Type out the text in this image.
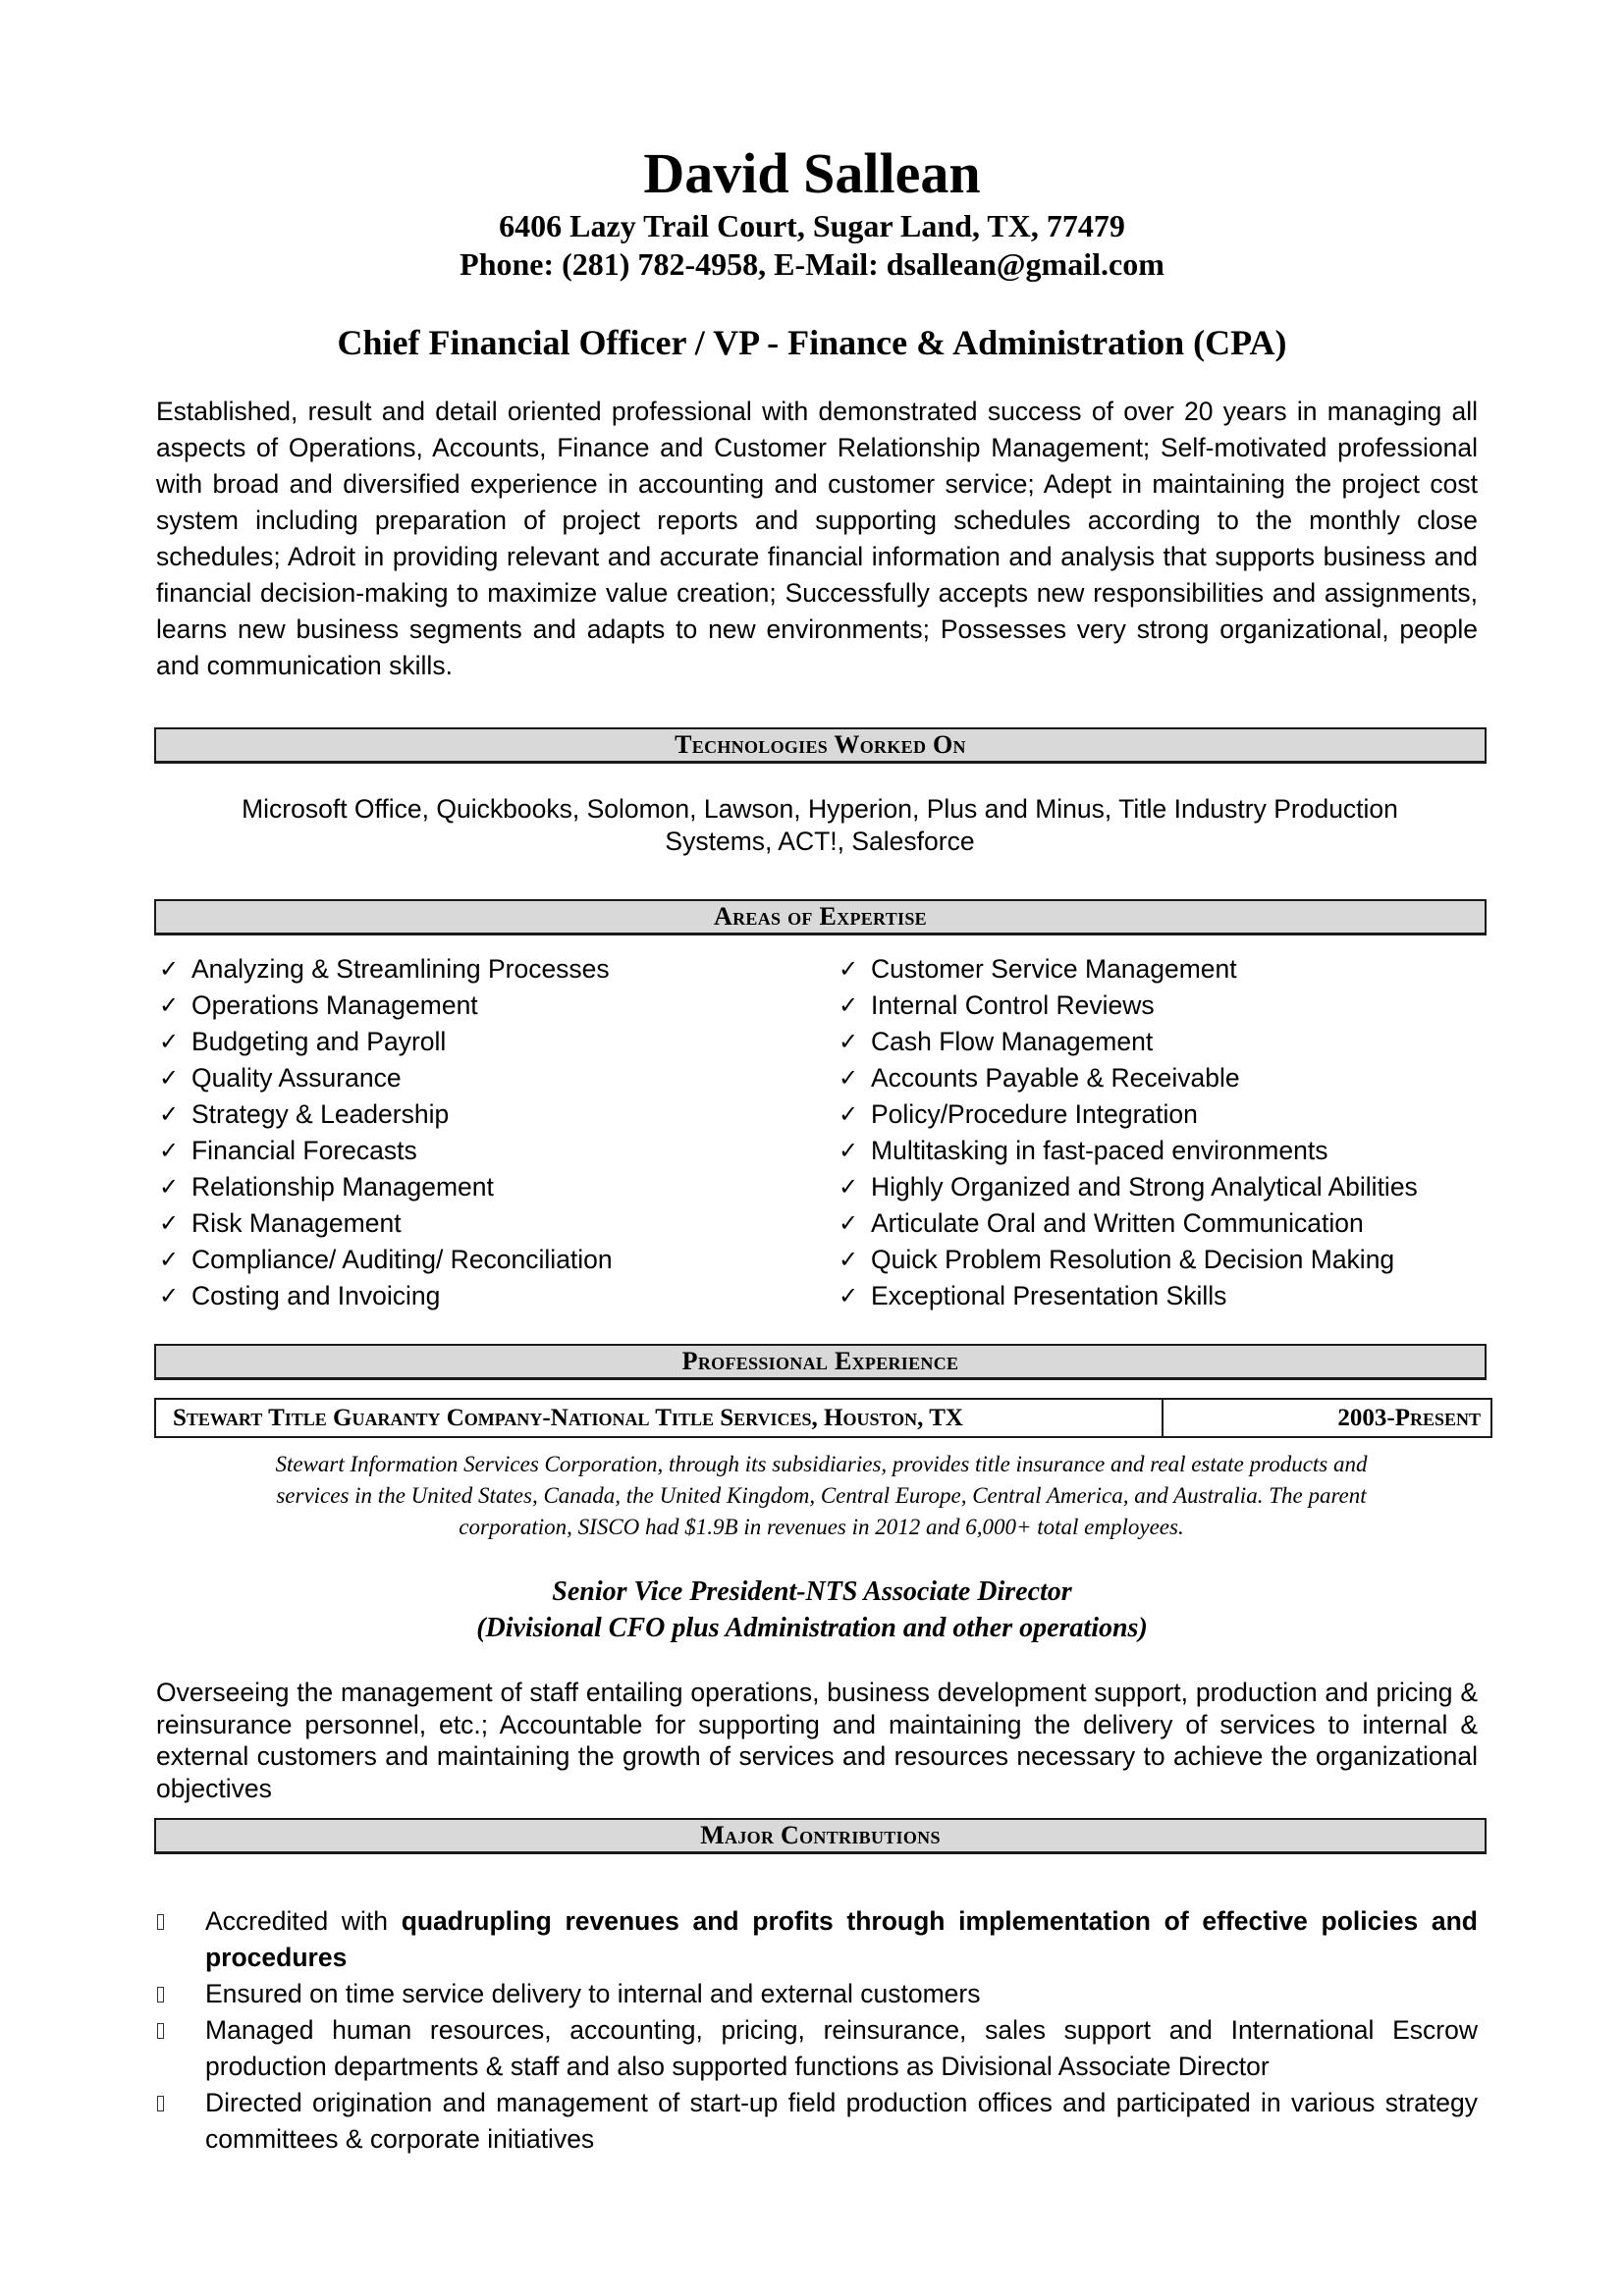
David Sallean
6406 Lazy Trail Court, Sugar Land, TX, 77479
Phone: (281) 782-4958, E-Mail: dsallean@gmail.com
Chief Financial Officer / VP - Finance & Administration (CPA)
Established, result and detail oriented professional with demonstrated success of over 20 years in managing all aspects of Operations, Accounts, Finance and Customer Relationship Management; Self-motivated professional with broad and diversified experience in accounting and customer service; Adept in maintaining the project cost system including preparation of project reports and supporting schedules according to the monthly close schedules; Adroit in providing relevant and accurate financial information and analysis that supports business and financial decision-making to maximize value creation; Successfully accepts new responsibilities and assignments, learns new business segments and adapts to new environments; Possesses very strong organizational, people and communication skills.
Technologies Worked On
Microsoft Office, Quickbooks, Solomon, Lawson, Hyperion, Plus and Minus, Title Industry Production
Systems, ACT!, Salesforce
Areas of Expertise
✓ Analyzing & Streamlining Processes
✓ Operations Management
✓ Budgeting and Payroll
✓ Quality Assurance
✓ Strategy & Leadership
✓ Financial Forecasts
✓ Relationship Management
✓ Risk Management
✓ Compliance/ Auditing/ Reconciliation
✓ Costing and Invoicing
✓ Customer Service Management
✓ Internal Control Reviews
✓ Cash Flow Management
✓ Accounts Payable & Receivable
✓ Policy/Procedure Integration
✓ Multitasking in fast-paced environments
✓ Highly Organized and Strong Analytical Abilities
✓ Articulate Oral and Written Communication
✓ Quick Problem Resolution & Decision Making
✓ Exceptional Presentation Skills
Professional Experience
Stewart Title Guaranty Company-National Title Services, Houston, TX	2003-Present
Stewart Information Services Corporation, through its subsidiaries, provides title insurance and real estate products and
services in the United States, Canada, the United Kingdom, Central Europe, Central America, and Australia. The parent
corporation, SISCO had $1.9B in revenues in 2012 and 6,000+ total employees.
Senior Vice President-NTS Associate Director
(Divisional CFO plus Administration and other operations)
Overseeing the management of staff entailing operations, business development support, production and pricing & reinsurance personnel, etc.; Accountable for supporting and maintaining the delivery of services to internal & external customers and maintaining the growth of services and resources necessary to achieve the organizational objectives
Major Contributions
Accredited with quadrupling revenues and profits through implementation of effective policies and procedures
Ensured on time service delivery to internal and external customers
Managed human resources, accounting, pricing, reinsurance, sales support and International Escrow production departments & staff and also supported functions as Divisional Associate Director
Directed origination and management of start-up field production offices and participated in various strategy committees & corporate initiatives
